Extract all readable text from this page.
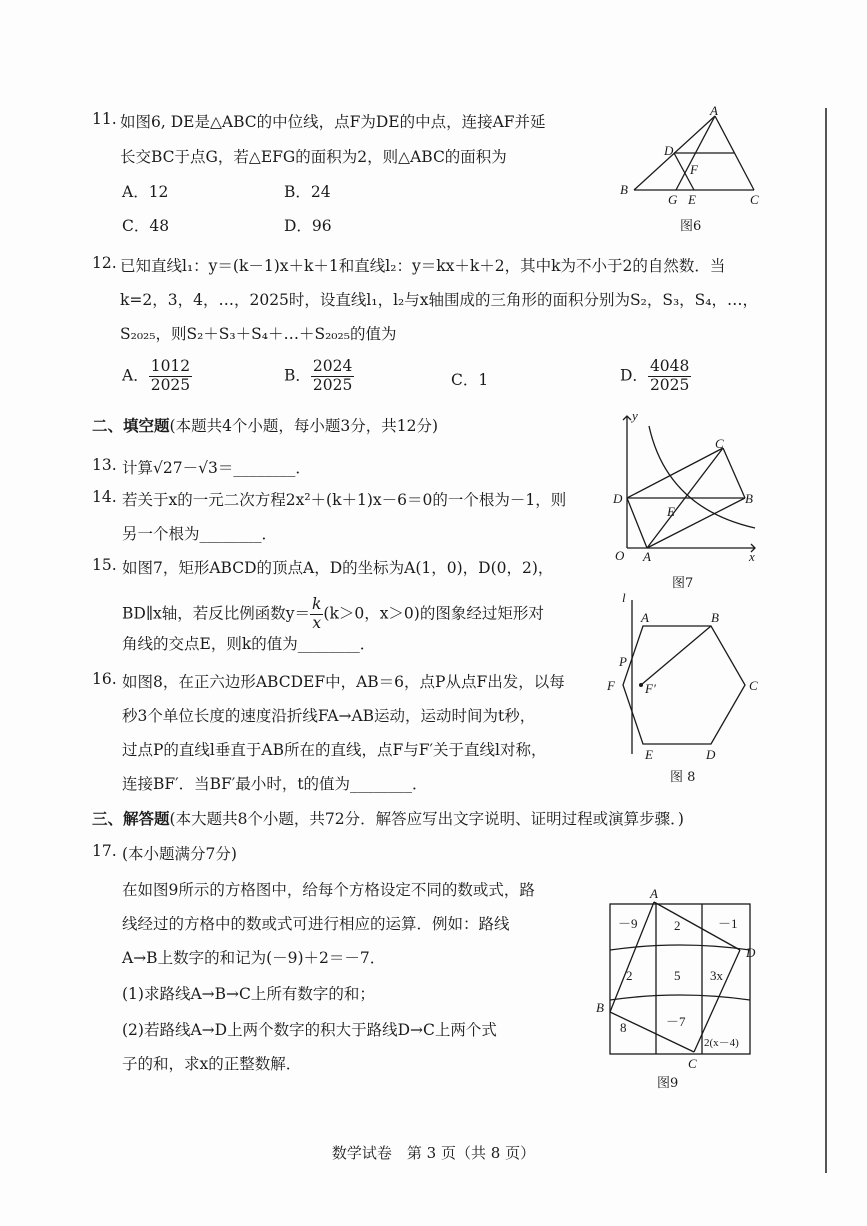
11. 如图6, DE是△ABC的中位线，点F为DE的中点，连接AF并延
长交BC于点G，若△EFG的面积为2，则△ABC的面积为
A．12	B．24
C．48	D．96
A
D
F
B
G E	C
图6
12. 已知直线l₁：y＝(k－1)x＋k＋1和直线l₂：y＝kx＋k＋2，其中k为不小于2的自然数．当
k=2，3，4，…，2025时，设直线l₁，l₂与x轴围成的三角形的面积分别为S₂，S₃，S₄，…，
S₂₀₂₅，则S₂＋S₃＋S₄＋…＋S₂₀₂₅的值为
A． $\frac{1012}{2025}$	B． $\frac{2024}{2025}$	C．1	D． $\frac{4048}{2025}$
二、填空题(本题共4个小题，每小题3分，共12分)
13. 计算√27－√3＝________．
14. 若关于x的一元二次方程2x²＋(k＋1)x－6＝0的一个根为－1，则
另一个根为________．
15. 如图7，矩形ABCD的顶点A，D的坐标为A(1，0)，D(0，2)，
BD∥x轴，若反比例函数$y= \frac{k}{x} (k>0$，x＞0)的图象经过矩形对
角线的交点E，则k的值为________．
y
C
D
E
B
O A	x
图7
16. 如图8，在正六边形ABCDEF中，AB＝6，点P从点F出发，以每
秒3个单位长度的速度沿折线FA→AB运动，运动时间为t秒，
过点P的直线l垂直于AB所在的直线，点F与F′关于直线l对称，
连接BF′．当BF′最小时，t的值为________．
l
A	B
P
F F′	C
E	D
图 8
三、解答题(本大题共8个小题，共72分．解答应写出文字说明、证明过程或演算步骤．)
17. (本小题满分7分)
在如图9所示的方格图中，给每个方格设定不同的数或式，路
线经过的方格中的数或式可进行相应的运算．例如：路线
A→B上数字的和记为(－9)＋2＝－7．
(1)求路线A→B→C上所有数字的和；
(2)若路线A→D上两个数字的积大于路线D→C上两个式
子的和，求x的正整数解．
A
D
B
C
－9	2	－1
2	5 3x
8	－7
2(x－4)
图9
数学试卷　第 3 页（共 8 页）
